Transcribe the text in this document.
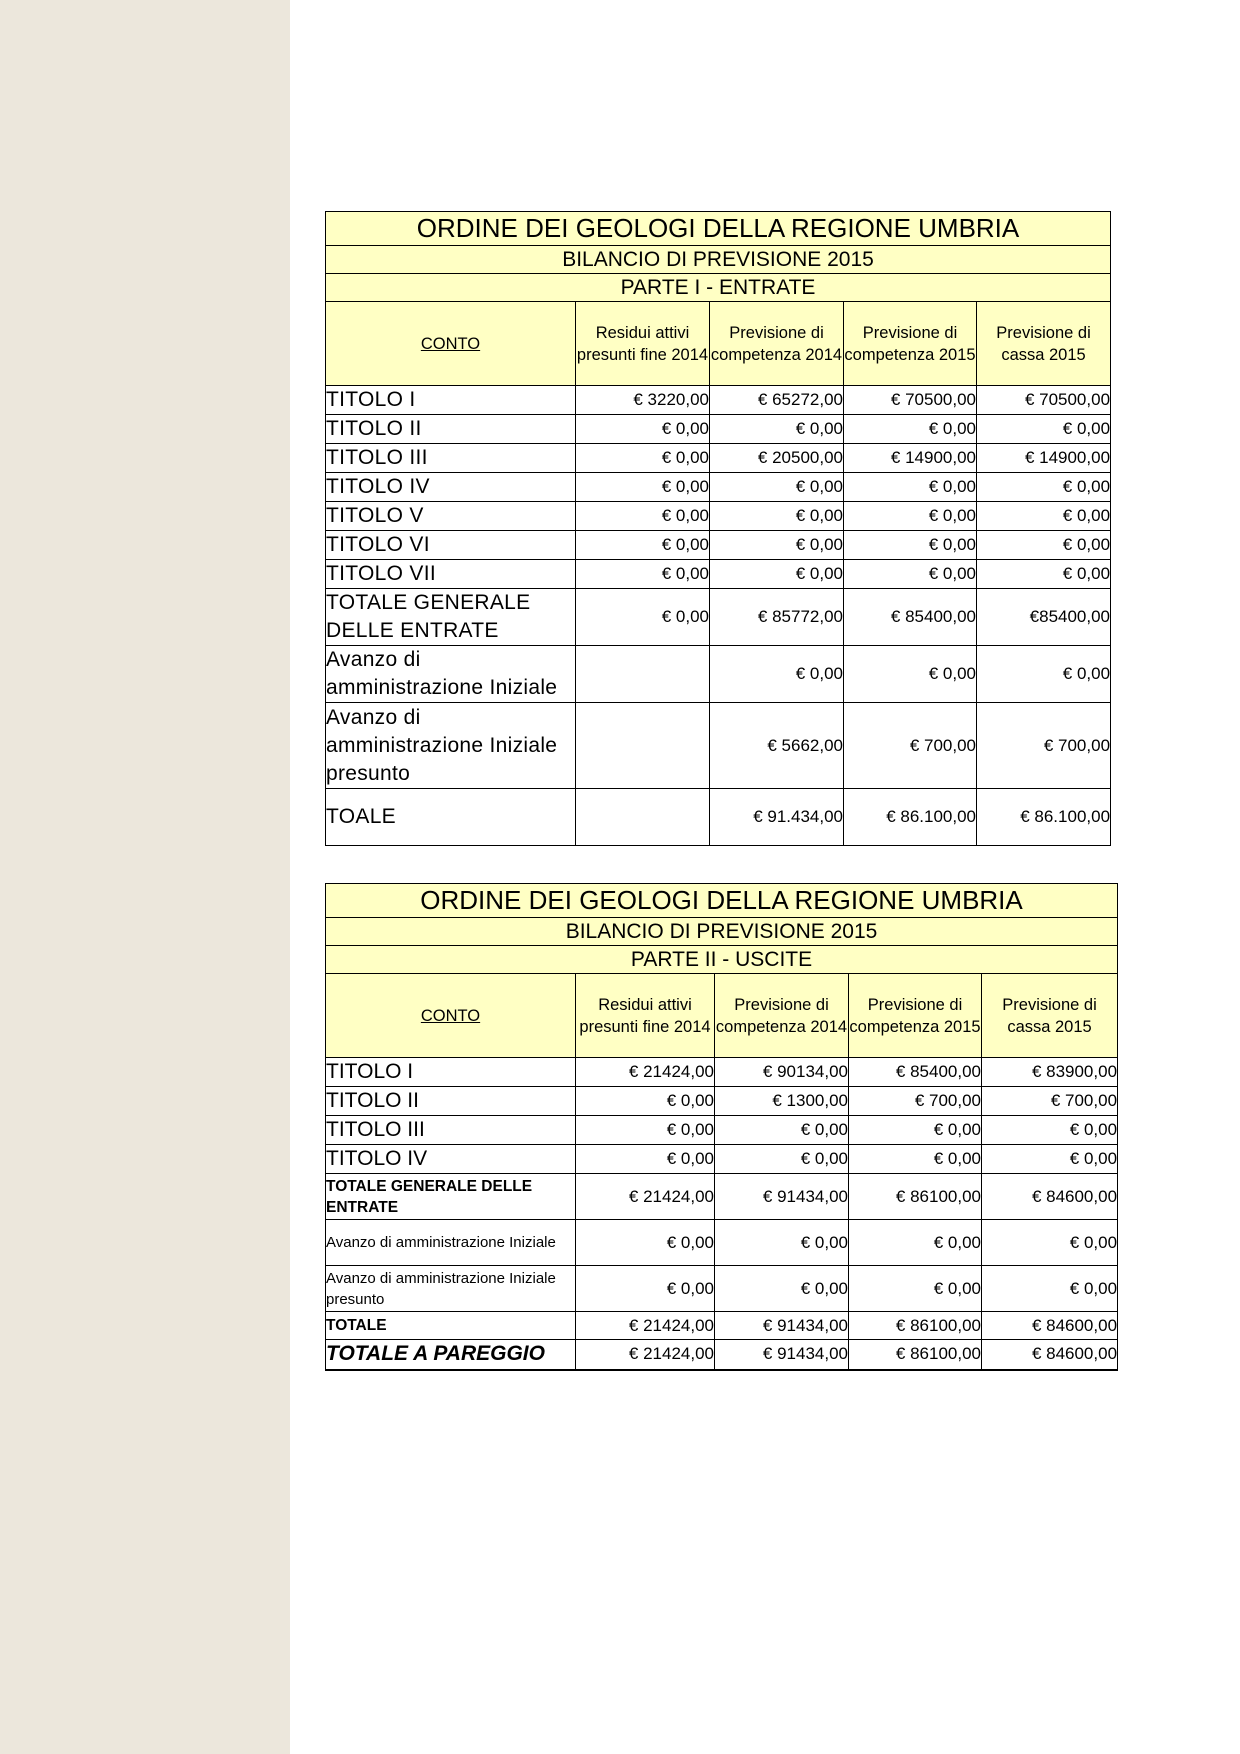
ORDINE DEI GEOLOGI DELLA REGIONE UMBRIA				
BILANCIO DI PREVISIONE 2015				
PARTE I - ENTRATE				
CONTO	Residui attivi presunti fine 2014	Previsione di competenza 2014	Previsione di competenza 2015	Previsione di cassa 2015
TITOLO I	€ 3220,00	€ 65272,00	€ 70500,00	€ 70500,00
TITOLO II	€ 0,00	€ 0,00	€ 0,00	€ 0,00
TITOLO III	€ 0,00	€ 20500,00	€ 14900,00	€ 14900,00
TITOLO IV	€ 0,00	€ 0,00	€ 0,00	€ 0,00
TITOLO V	€ 0,00	€ 0,00	€ 0,00	€ 0,00
TITOLO VI	€ 0,00	€ 0,00	€ 0,00	€ 0,00
TITOLO VII	€ 0,00	€ 0,00	€ 0,00	€ 0,00
TOTALE GENERALE DELLE ENTRATE	€ 0,00	€ 85772,00	€ 85400,00	€85400,00
Avanzo di amministrazione Iniziale		€ 0,00	€ 0,00	€ 0,00
Avanzo di amministrazione Iniziale presunto		€ 5662,00	€ 700,00	€ 700,00
TOALE		€ 91.434,00	€ 86.100,00	€ 86.100,00
ORDINE DEI GEOLOGI DELLA REGIONE UMBRIA				
BILANCIO DI PREVISIONE 2015				
PARTE II - USCITE				
CONTO	Residui attivi presunti fine 2014	Previsione di competenza 2014	Previsione di competenza 2015	Previsione di cassa 2015
TITOLO I	€ 21424,00	€ 90134,00	€ 85400,00	€ 83900,00
TITOLO II	€ 0,00	€ 1300,00	€ 700,00	€ 700,00
TITOLO III	€ 0,00	€ 0,00	€ 0,00	€ 0,00
TITOLO IV	€ 0,00	€ 0,00	€ 0,00	€ 0,00
TOTALE GENERALE DELLE ENTRATE	€ 21424,00	€ 91434,00	€ 86100,00	€ 84600,00
Avanzo di amministrazione Iniziale	€ 0,00	€ 0,00	€ 0,00	€ 0,00
Avanzo di amministrazione Iniziale presunto	€ 0,00	€ 0,00	€ 0,00	€ 0,00
TOTALE	€ 21424,00	€ 91434,00	€ 86100,00	€ 84600,00
TOTALE A PAREGGIO	€ 21424,00	€ 91434,00	€ 86100,00	€ 84600,00
